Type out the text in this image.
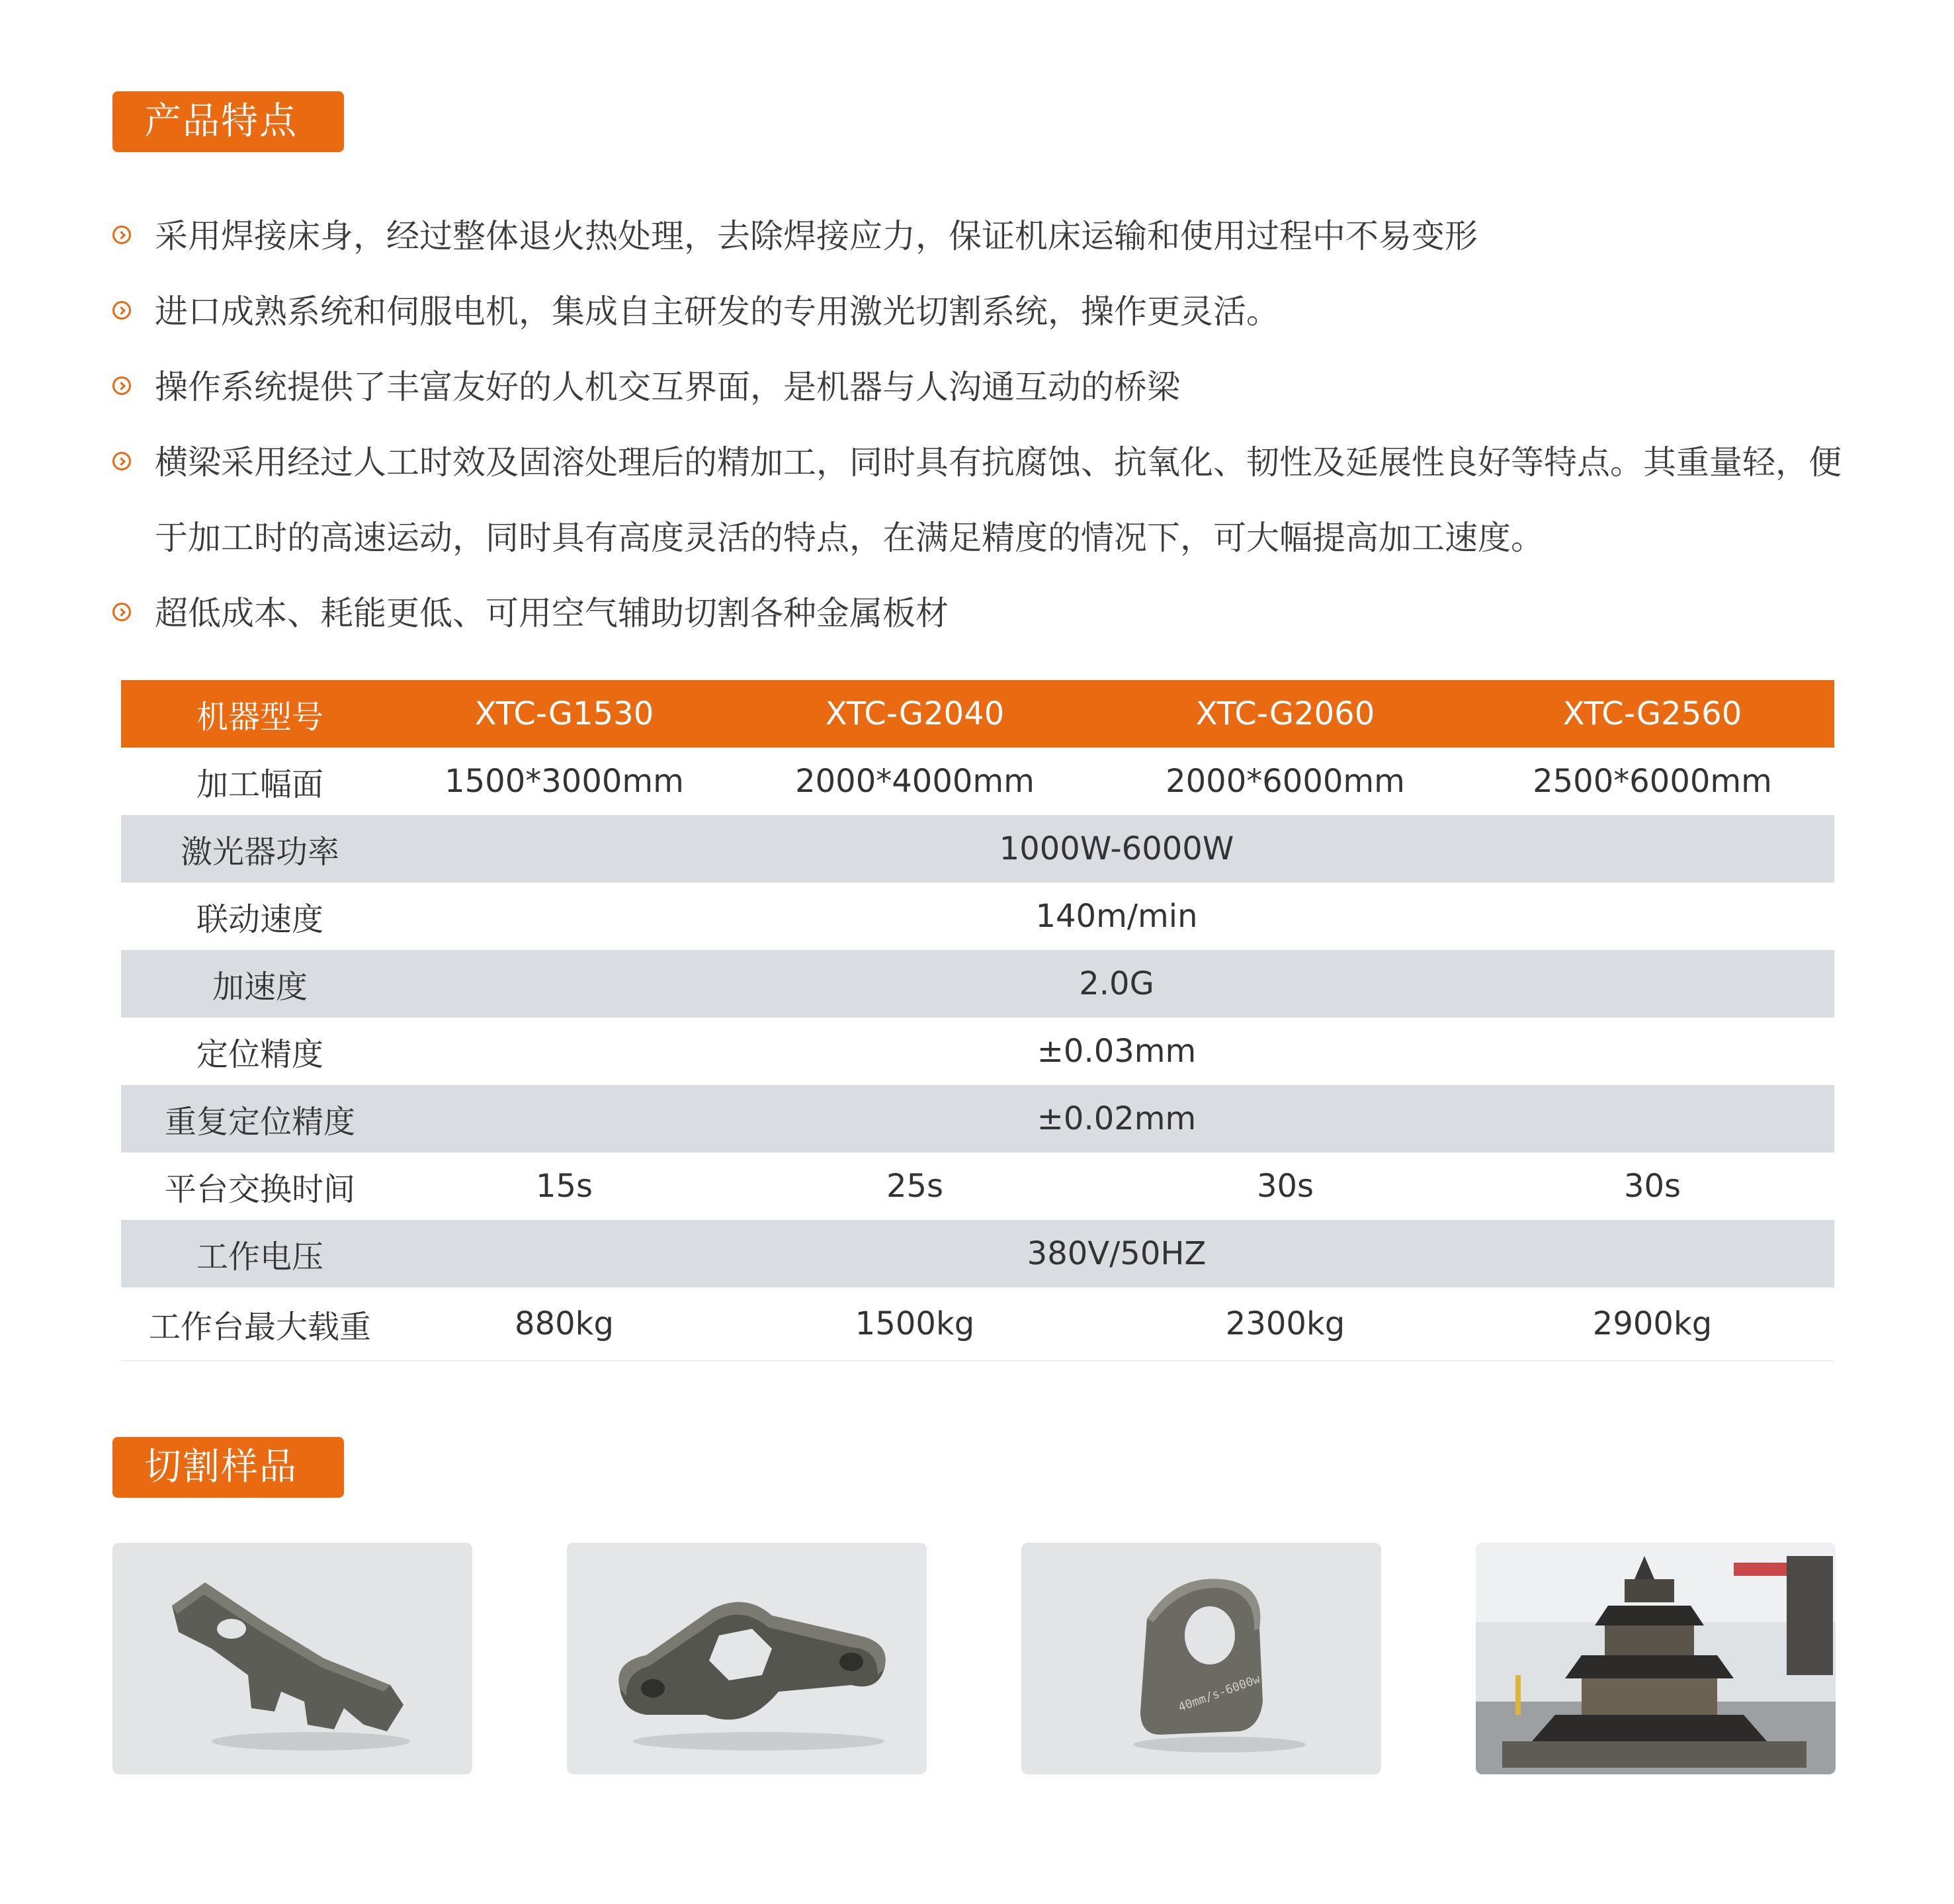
产品特点
采用焊接床身，经过整体退火热处理，去除焊接应力，保证机床运输和使用过程中不易变形
进口成熟系统和伺服电机，集成自主研发的专用激光切割系统，操作更灵活。
操作系统提供了丰富友好的人机交互界面，是机器与人沟通互动的桥梁
横梁采用经过人工时效及固溶处理后的精加工，同时具有抗腐蚀、抗氧化、韧性及延展性良好等特点。其重量轻，便于加工时的高速运动，同时具有高度灵活的特点，在满足精度的情况下，可大幅提高加工速度。
超低成本、耗能更低、可用空气辅助切割各种金属板材
机器型号	XTC-G1530	XTC-G2040	XTC-G2060	XTC-G2560
加工幅面	1500*3000mm	2000*4000mm	2000*6000mm	2500*6000mm
激光器功率	1000W-6000W
联动速度	140m/min
加速度	2.0G
定位精度	±0.03mm
重复定位精度	±0.02mm
平台交换时间	15s	25s	30s	30s
工作电压	380V/50HZ
工作台最大载重	880kg	1500kg	2300kg	2900kg
切割样品
40mm/s-6000w
